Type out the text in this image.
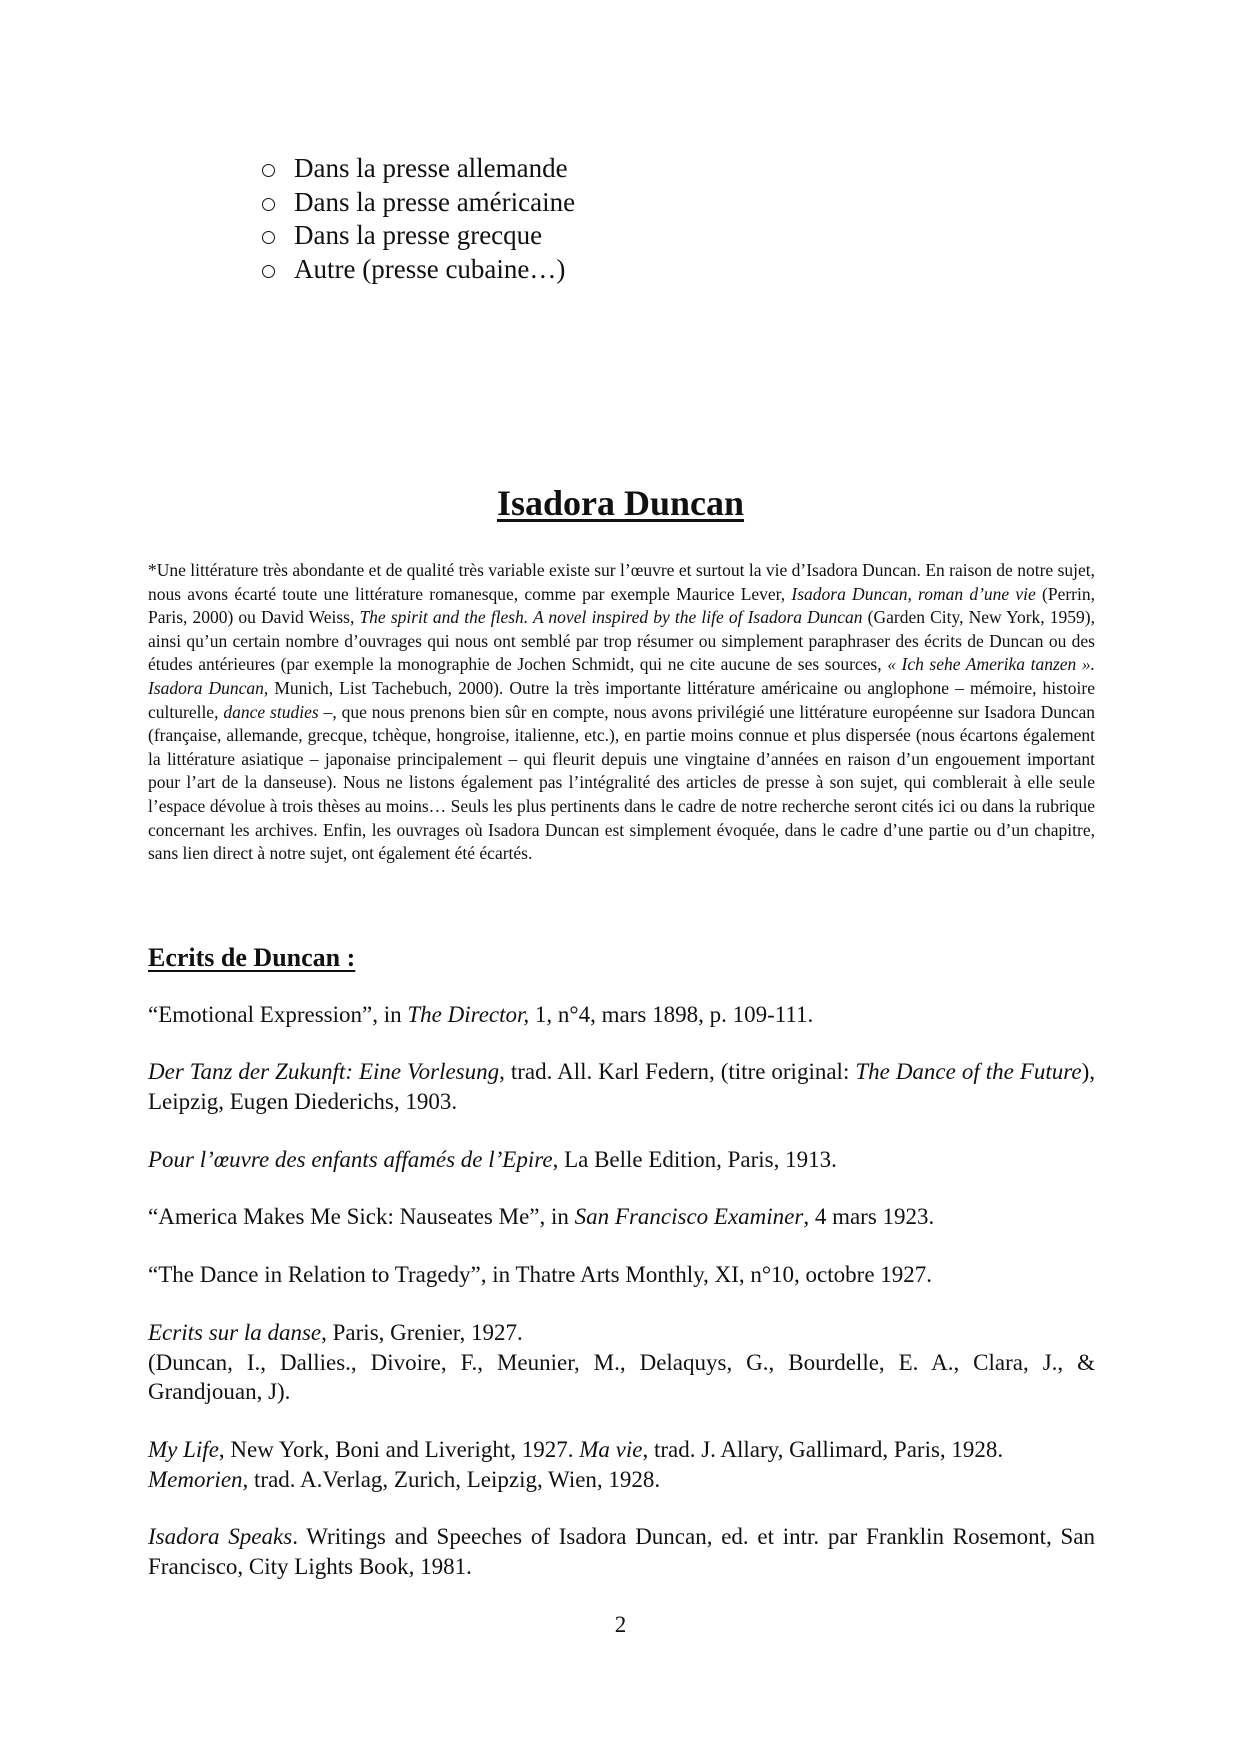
Dans la presse allemande
Dans la presse américaine
Dans la presse grecque
Autre (presse cubaine…)
Isadora Duncan

*Une littérature très abondante et de qualité très variable existe sur l’œuvre et surtout la vie d’Isadora Duncan. En raison de notre sujet, nous avons écarté toute une littérature romanesque, comme par exemple Maurice Lever, Isadora Duncan, roman d’une vie (Perrin, Paris, 2000) ou David Weiss, The spirit and the flesh. A novel inspired by the life of Isadora Duncan (Garden City, New York, 1959), ainsi qu’un certain nombre d’ouvrages qui nous ont semblé par trop résumer ou simplement paraphraser des écrits de Duncan ou des études antérieures (par exemple la monographie de Jochen Schmidt, qui ne cite aucune de ses sources, « Ich sehe Amerika tanzen ». Isadora Duncan, Munich, List Tachebuch, 2000). Outre la très importante littérature américaine ou anglophone – mémoire, histoire culturelle, dance studies –, que nous prenons bien sûr en compte, nous avons privilégié une littérature européenne sur Isadora Duncan (française, allemande, grecque, tchèque, hongroise, italienne, etc.), en partie moins connue et plus dispersée (nous écartons également la littérature asiatique – japonaise principalement – qui fleurit depuis une vingtaine d’années en raison d’un engouement important pour l’art de la danseuse). Nous ne listons également pas l’intégralité des articles de presse à son sujet, qui comblerait à elle seule l’espace dévolue à trois thèses au moins… Seuls les plus pertinents dans le cadre de notre recherche seront cités ici ou dans la rubrique concernant les archives. Enfin, les ouvrages où Isadora Duncan est simplement évoquée, dans le cadre d’une partie ou d’un chapitre, sans lien direct à notre sujet, ont également été écartés.

Ecrits de Duncan :

“Emotional Expression”, in The Director, 1, n°4, mars 1898, p. 109-111.

Der Tanz der Zukunft: Eine Vorlesung, trad. All. Karl Federn, (titre original: The Dance of the Future), Leipzig, Eugen Diederichs, 1903.

Pour l’œuvre des enfants affamés de l’Epire, La Belle Edition, Paris, 1913.

“America Makes Me Sick: Nauseates Me”, in San Francisco Examiner, 4 mars 1923.

“The Dance in Relation to Tragedy”, in Thatre Arts Monthly, XI, n°10, octobre 1927.

Ecrits sur la danse, Paris, Grenier, 1927.
(Duncan, I., Dallies., Divoire, F., Meunier, M., Delaquys, G., Bourdelle, E. A., Clara, J., & Grandjouan, J).

My Life, New York, Boni and Liveright, 1927. Ma vie, trad. J. Allary, Gallimard, Paris, 1928.
Memorien, trad. A.Verlag, Zurich, Leipzig, Wien, 1928.

Isadora Speaks. Writings and Speeches of Isadora Duncan, ed. et intr. par Franklin Rosemont, San Francisco, City Lights Book, 1981.

2
